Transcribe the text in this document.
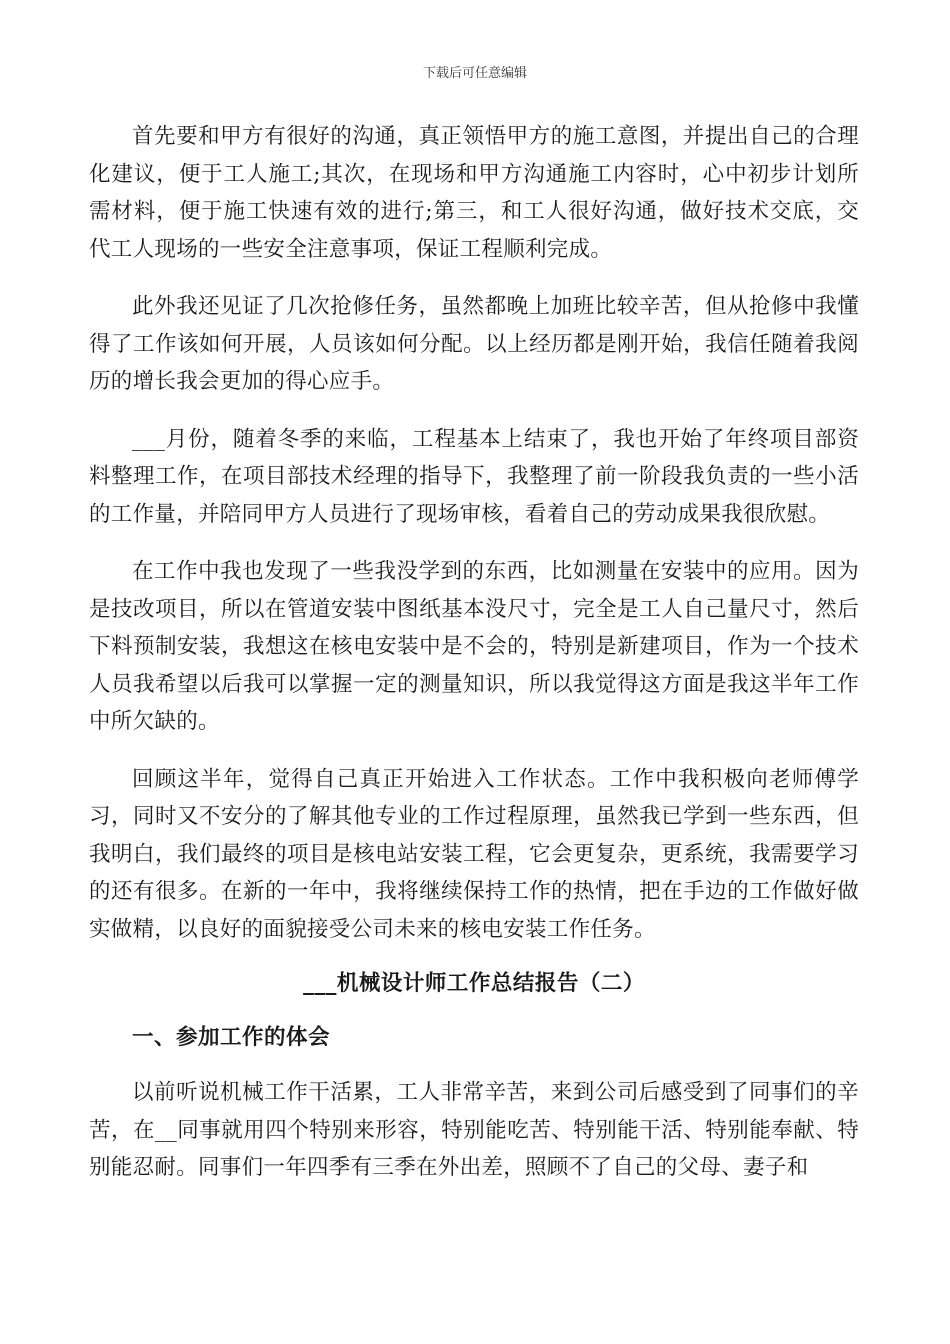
下载后可任意编辑

首先要和甲方有很好的沟通，真正领悟甲方的施工意图，并提出自己的合理化建议，便于工人施工;其次，在现场和甲方沟通施工内容时，心中初步计划所需材料，便于施工快速有效的进行;第三，和工人很好沟通，做好技术交底，交代工人现场的一些安全注意事项，保证工程顺利完成。

此外我还见证了几次抢修任务，虽然都晚上加班比较辛苦，但从抢修中我懂得了工作该如何开展，人员该如何分配。以上经历都是刚开始，我信任随着我阅历的增长我会更加的得心应手。

___月份，随着冬季的来临，工程基本上结束了，我也开始了年终项目部资料整理工作，在项目部技术经理的指导下，我整理了前一阶段我负责的一些小活的工作量，并陪同甲方人员进行了现场审核，看着自己的劳动成果我很欣慰。

在工作中我也发现了一些我没学到的东西，比如测量在安装中的应用。因为是技改项目，所以在管道安装中图纸基本没尺寸，完全是工人自己量尺寸，然后下料预制安装，我想这在核电安装中是不会的，特别是新建项目，作为一个技术人员我希望以后我可以掌握一定的测量知识，所以我觉得这方面是我这半年工作中所欠缺的。

回顾这半年，觉得自己真正开始进入工作状态。工作中我积极向老师傅学习，同时又不安分的了解其他专业的工作过程原理，虽然我已学到一些东西，但我明白，我们最终的项目是核电站安装工程，它会更复杂，更系统，我需要学习的还有很多。在新的一年中，我将继续保持工作的热情，把在手边的工作做好做实做精，以良好的面貌接受公司未来的核电安装工作任务。

___机械设计师工作总结报告（二）
一、参加工作的体会

以前听说机械工作干活累，工人非常辛苦，来到公司后感受到了同事们的辛苦，在__同事就用四个特别来形容，特别能吃苦、特别能干活、特别能奉献、特别能忍耐。同事们一年四季有三季在外出差，照顾不了自己的父母、妻子和
